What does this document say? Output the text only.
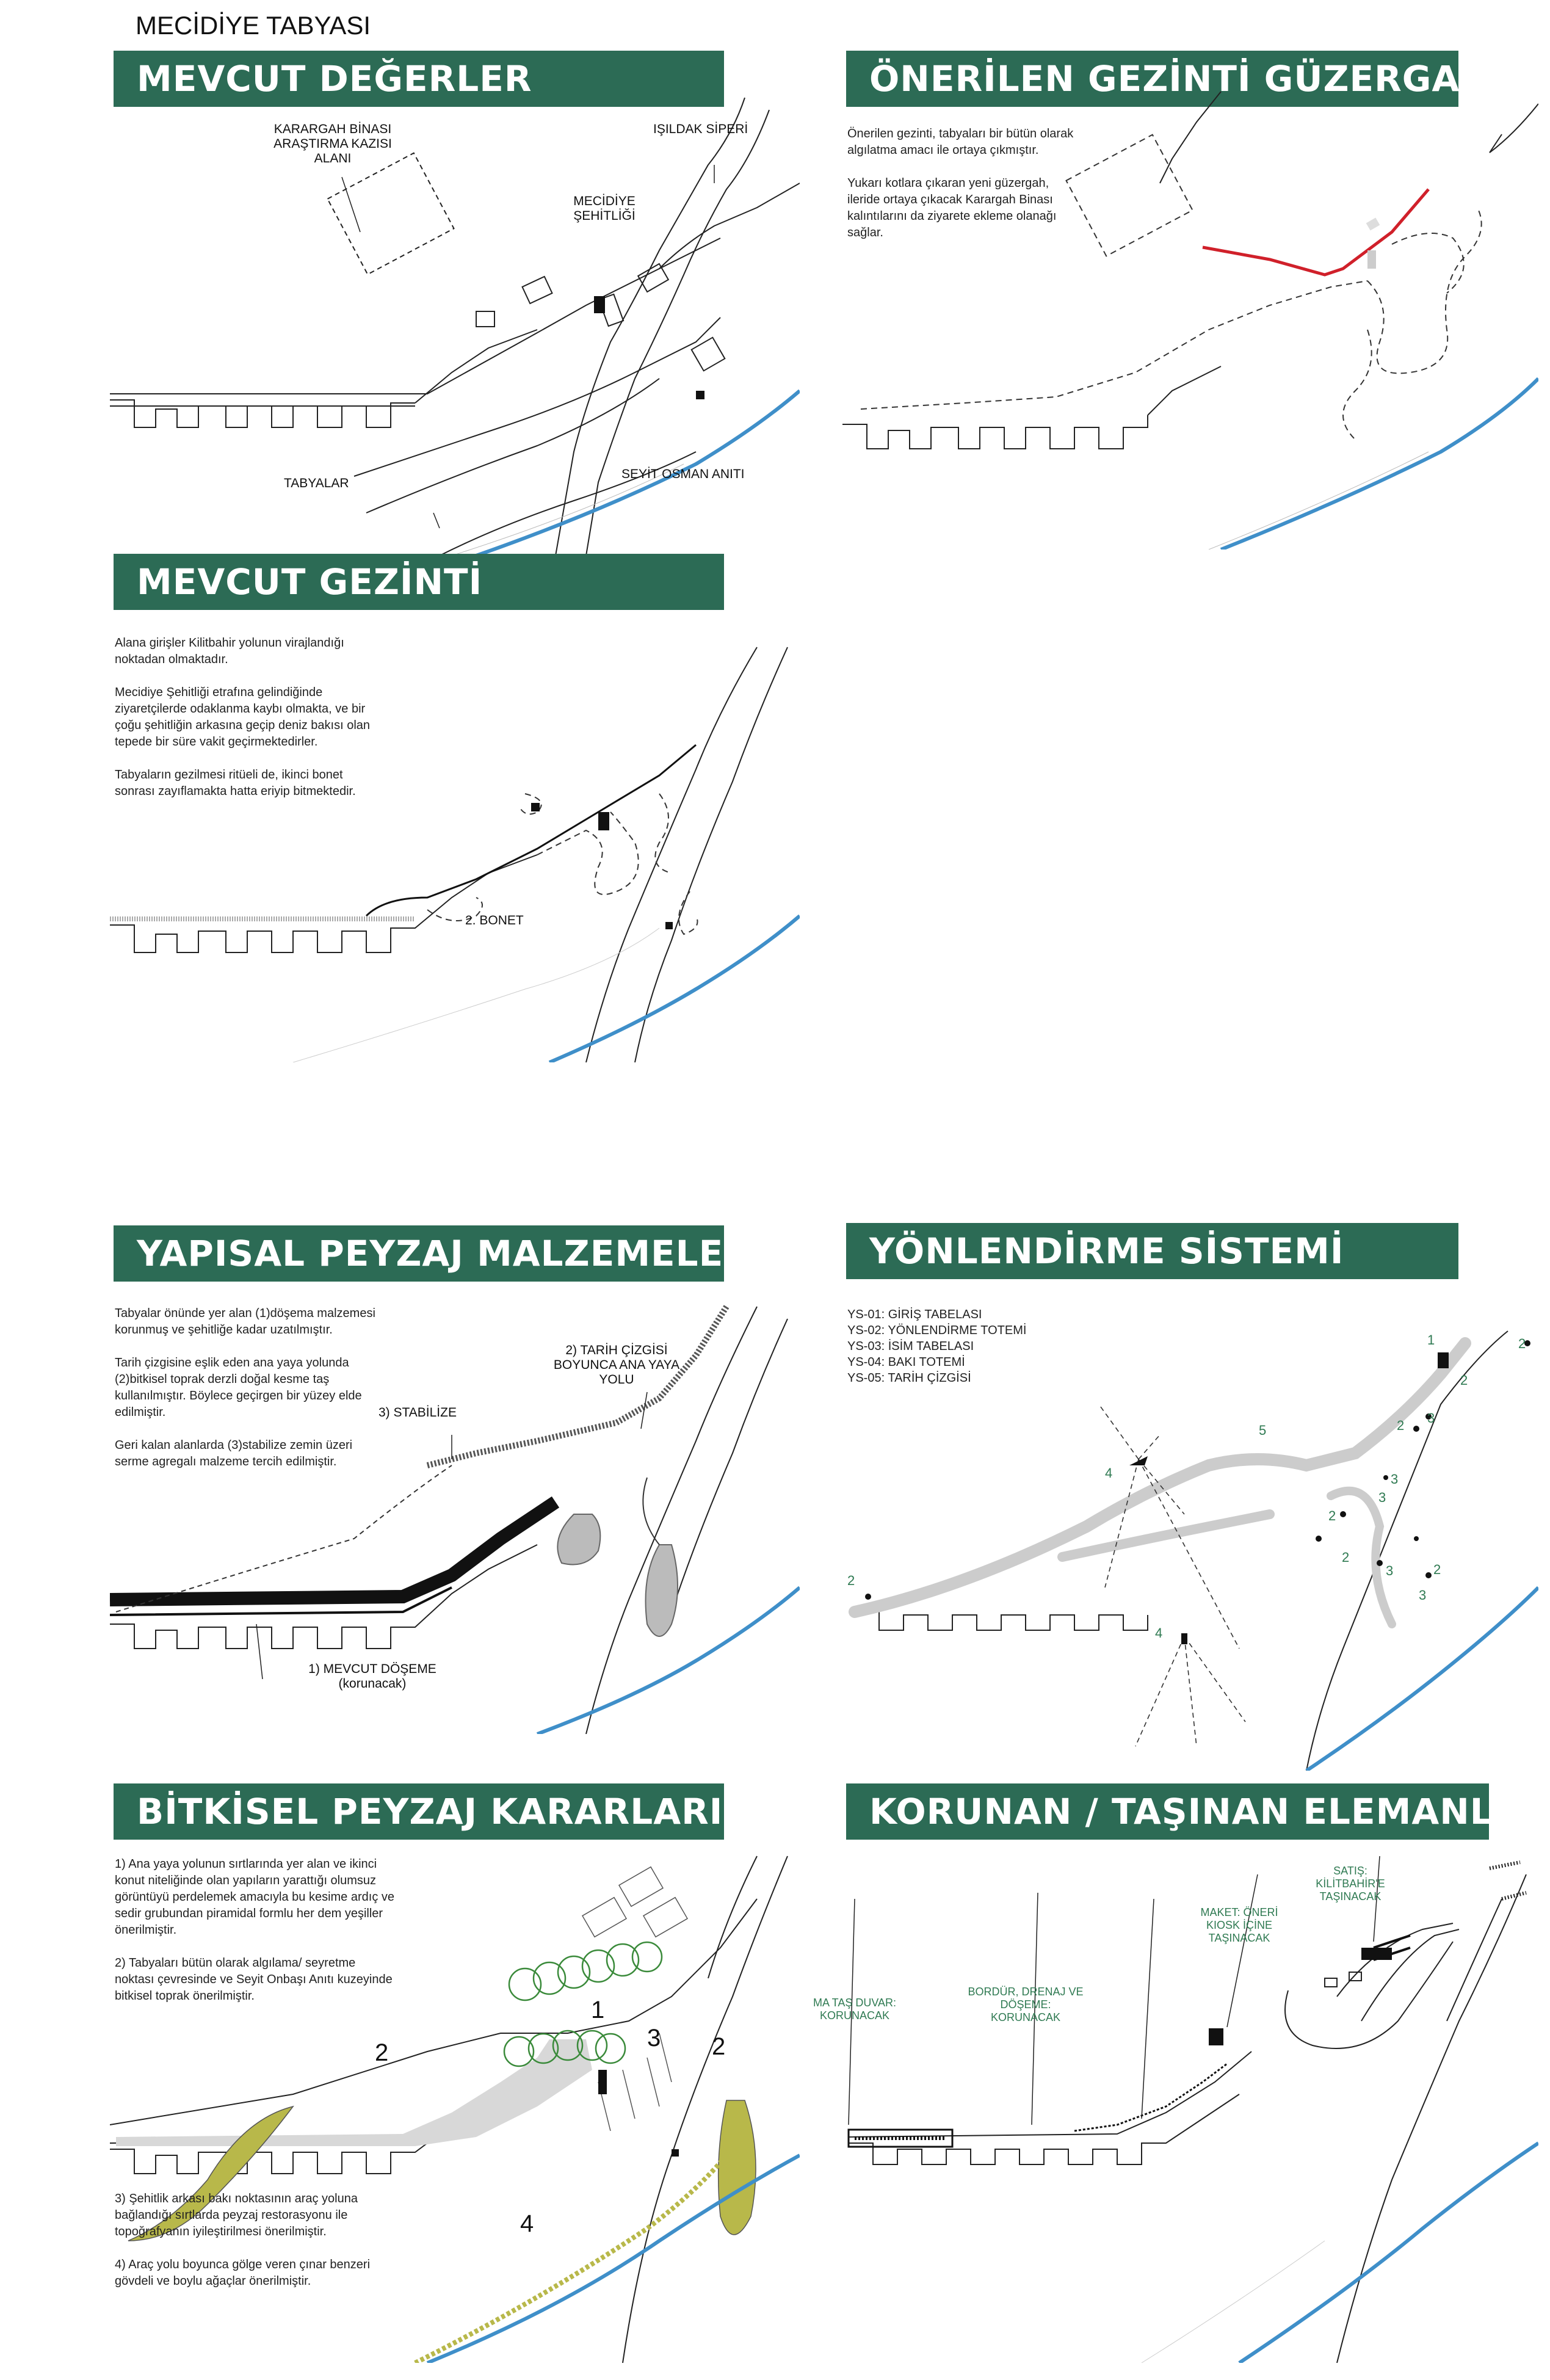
MECİDİYE TABYASI
MEVCUT DEĞERLER
KARARGAH BİNASI ARAŞTIRMA KAZISI ALANI
IŞILDAK SİPERİ
MECİDİYE ŞEHİTLİĞİ
TABYALAR
SEYİT OSMAN ANITI
ÖNERİLEN GEZİNTİ GÜZERGAHI

Önerilen gezinti, tabyaları bir bütün olarak algılatma amacı ile ortaya çıkmıştır.

Yukarı kotlara çıkaran yeni güzergah, ileride ortaya çıkacak Karargah Binası kalıntılarını da ziyarete ekleme olanağı sağlar.

MEVCUT GEZİNTİ

Alana girişler Kilitbahir yolunun virajlandığı noktadan olmaktadır.

Mecidiye Şehitliği etrafına gelindiğinde ziyaretçilerde odaklanma kaybı olmakta, ve bir çoğu şehitliğin arkasına geçip deniz bakısı olan tepede bir süre vakit geçirmektedirler.

Tabyaların gezilmesi ritüeli de, ikinci bonet sonrası zayıflamakta hatta eriyip bitmektedir.

2. BONET
YAPISAL PEYZAJ MALZEMELERİ

Tabyalar önünde yer alan (1)döşema malzemesi korunmuş ve şehitliğe kadar uzatılmıştır.

Tarih çizgisine eşlik eden ana yaya yolunda (2)bitkisel toprak derzli doğal kesme taş kullanılmıştır. Böylece geçirgen bir yüzey elde edilmiştir.

Geri kalan alanlarda (3)stabilize zemin üzeri serme agregalı malzeme tercih edilmiştir.

2) TARİH ÇİZGİSİ BOYUNCA ANA YAYA YOLU
3) STABİLİZE
1) MEVCUT DÖŞEME (korunacak)
YÖNLENDİRME SİSTEMİ
YS-01: GİRİŞ TABELASI
YS-02: YÖNLENDİRME TOTEMİ
YS-03: İSİM TABELASI
YS-04: BAKI TOTEMİ
YS-05: TARİH ÇİZGİSİ
1	2
2 3
5
2
3
3
4
2
3
2
2
2
3
4
BİTKİSEL PEYZAJ KARARLARI

1) Ana yaya yolunun sırtlarında yer alan ve ikinci konut niteliğinde olan yapıların yarattığı olumsuz görüntüyü perdelemek amacıyla bu kesime ardıç ve sedir grubundan piramidal formlu her dem yeşiller önerilmiştir.

2) Tabyaları bütün olarak algılama/ seyretme noktası çevresinde ve Seyit Onbaşı Anıtı kuzeyinde bitkisel toprak önerilmiştir.

3) Şehitlik arkası bakı noktasının araç yoluna bağlandığı sırtlarda peyzaj restorasyonu ile topoğrafyanın iyileştirilmesi önerilmiştir.

4) Araç yolu boyunca gölge veren çınar benzeri gövdeli ve boylu ağaçlar önerilmiştir.

1
2
3 2
4
KORUNAN / TAŞINAN ELEMANLAR
SATIŞ: KİLİTBAHİR'E TAŞINACAK
MAKET: ÖNERİ KIOSK İÇİNE TAŞINACAK
BORDÜR, DRENAJ VE DÖŞEME: KORUNACAK
MA TAŞ DUVAR: KORUNACAK
